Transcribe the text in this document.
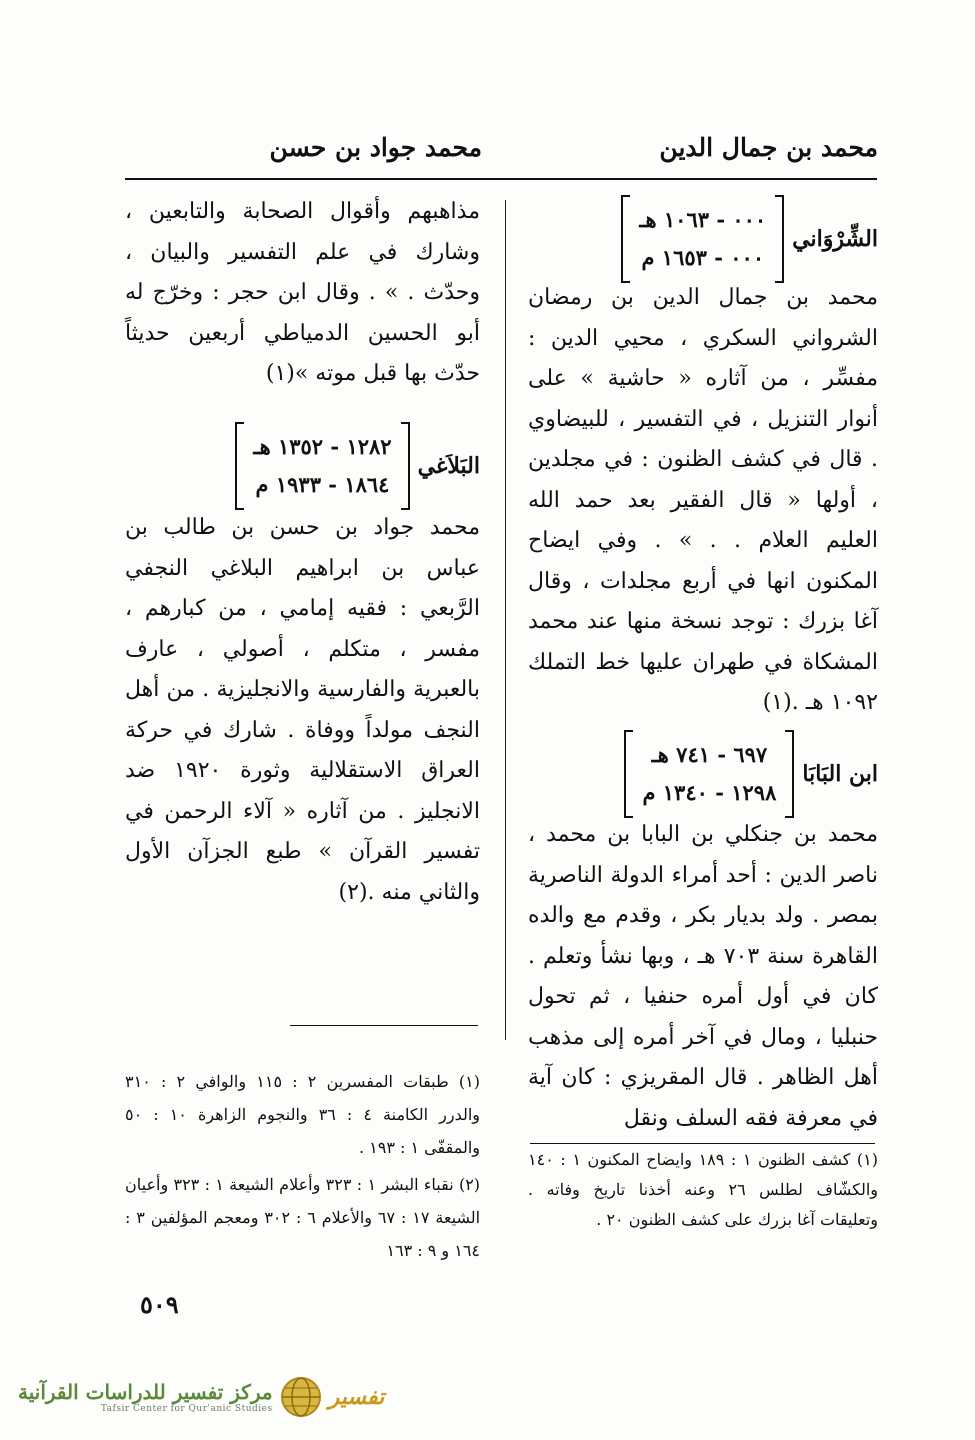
محمد بن جمال الدين
محمد جواد بن حسن
الشِّرْوَاني
٠٠٠ - ١٠٦٣ هـ
٠٠٠ - ١٦٥٣ م

محمد بن جمال الدين بن رمضان الشرواني السكري ، محيي الدين : مفسِّر ، من آثاره « حاشية » على أنوار التنزيل ، في التفسير ، للبيضاوي . قال في كشف الظنون : في مجلدين ، أولها « قال الفقير بعد حمد الله العليم العلام . . » . وفي ايضاح المكنون انها في أربع مجلدات ، وقال آغا بزرك : توجد نسخة منها عند محمد المشكاة في طهران عليها خط التملك ١٠٩٢ هـ .(١)

ابن البَابَا
٦٩٧ - ٧٤١ هـ
١٢٩٨ - ١٣٤٠ م

محمد بن جنكلي بن البابا بن محمد ، ناصر الدين : أحد أمراء الدولة الناصرية بمصر . ولد بديار بكر ، وقدم مع والده القاهرة سنة ٧٠٣ هـ ، وبها نشأ وتعلم . كان في أول أمره حنفيا ، ثم تحول حنبليا ، ومال في آخر أمره إلى مذهب أهل الظاهر . قال المقريزي : كان آية في معرفة فقه السلف ونقل

(١) كشف الظنون ١ : ١٨٩ وايضاح المكنون ١ : ١٤٠ والكشّاف لطلس ٢٦ وعنه أخذنا تاريخ وفاته . وتعليقات آغا بزرك على كشف الظنون ٢٠ .

مذاهبهم وأقوال الصحابة والتابعين ، وشارك في علم التفسير والبيان ، وحدّث . » . وقال ابن حجر : وخرّج له أبو الحسين الدمياطي أربعين حديثاً حدّث بها قبل موته »(١)

البَلاَغي
١٢٨٢ - ١٣٥٢ هـ
١٨٦٤ - ١٩٣٣ م

محمد جواد بن حسن بن طالب بن عباس بن ابراهيم البلاغي النجفي الرَّبعي : فقيه إمامي ، من كبارهم ، مفسر ، متكلم ، أصولي ، عارف بالعبرية والفارسية والانجليزية . من أهل النجف مولداً ووفاة . شارك في حركة العراق الاستقلالية وثورة ١٩٢٠ ضد الانجليز . من آثاره « آلاء الرحمن في تفسير القرآن » طبع الجزآن الأول والثاني منه .(٢)

(١) طبقات المفسرين ٢ : ١١٥ والوافي ٢ : ٣١٠ والدرر الكامنة ٤ : ٣٦ والنجوم الزاهرة ١٠ : ٥٠ والمقفّى ١ : ١٩٣ .

(٢) نقباء البشر ١ : ٣٢٣ وأعلام الشيعة ١ : ٣٢٣ وأعيان الشيعة ١٧ : ٦٧ والأعلام ٦ : ٣٠٢ ومعجم المؤلفين ٣ : ١٦٤ و ٩ : ١٦٣

٥٠٩
مركز تفسير للدراسات القرآنية
Tafsir Center for Qur'anic Studies	تفسير
